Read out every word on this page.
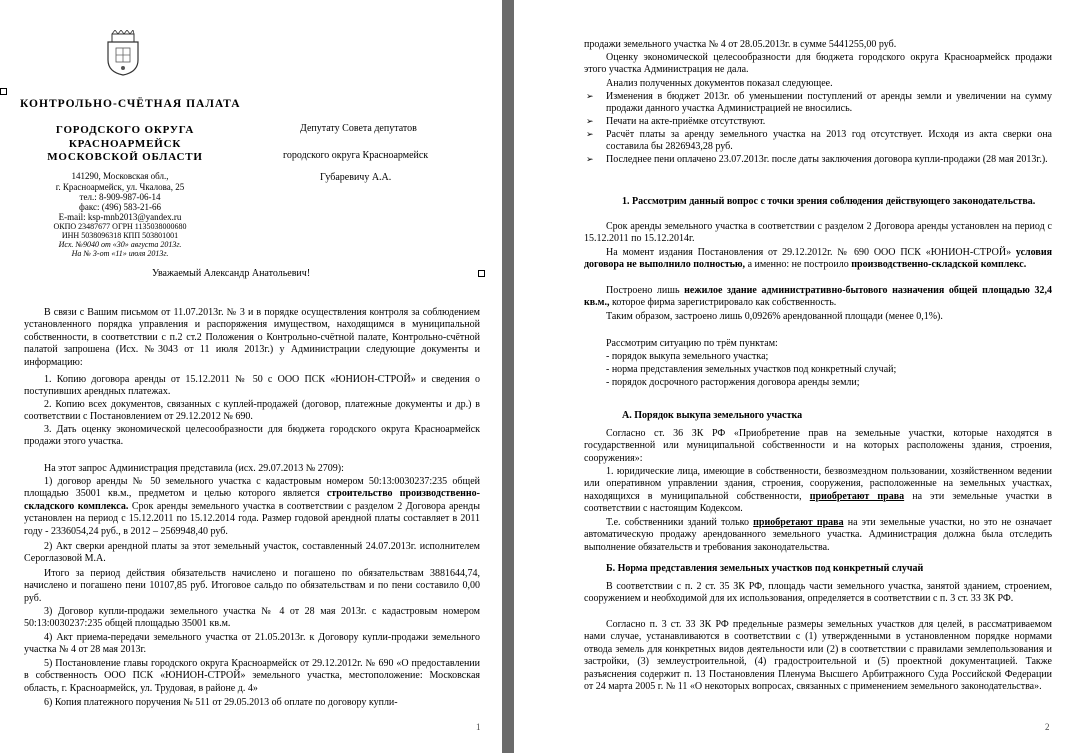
КОНТРОЛЬНО-СЧЁТНАЯ ПАЛАТА
ГОРОДСКОГО ОКРУГА
КРАСНОАРМЕЙСК
МОСКОВСКОЙ ОБЛАСТИ
141290, Московская обл.,
г. Красноармейск, ул. Чкалова, 25
тел.: 8-909-987-06-14
факс: (496) 583-21-66
E-mail: ksp-mnb2013@yandex.ru
ОКПО 23487677 ОГРН 1135038000680
ИНН 5038096318 КПП 503801001
Исх. №9040 от «30» августа 2013г.
На № 3-от «11» июля 2013г.
Депутату Совета депутатов
городского округа Красноармейск
Губаревичу А.А.
Уважаемый Александр Анатольевич!
В связи с Вашим письмом от 11.07.2013г. № 3 и в порядке осуществления контроля за соблюдением установленного порядка управления и распоряжения имуществом, находящимся в муниципальной собственности, в соответствии с п.2 ст.2 Положения о Контрольно-счётной палате, Контрольно-счётной палатой запрошена (Исх. №3043 от 11 июля 2013г.) у Администрации следующие документы и информацию:
1. Копию договора аренды от 15.12.2011 № 50 с ООО ПСК «ЮНИОН-СТРОЙ» и сведения о поступивших арендных платежах.
2. Копию всех документов, связанных с куплей-продажей (договор, платежные документы и др.) в соответствии с Постановлением от 29.12.2012 № 690.
3. Дать оценку экономической целесообразности для бюджета городского округа Красноармейск продажи этого участка.
На этот запрос Администрация представила (исх. 29.07.2013 № 2709):
1) договор аренды № 50 земельного участка с кадастровым номером 50:13:0030237:235 общей площадью 35001 кв.м., предметом и целью которого является строительство производственно-складского комплекса. Срок аренды земельного участка в соответствии с разделом 2 Договора аренды установлен на период с 15.12.2011 по 15.12.2014 года. Размер годовой арендной платы составляет в 2011 году - 2336054,24 руб., в 2012 – 2569948,40 руб.
2) Акт сверки арендной платы за этот земельный участок, составленный 24.07.2013г. исполнителем Сероглазовой М.А.
Итого за период действия обязательств начислено и погашено по обязательствам 3881644,74, начислено и погашено пени 10107,85 руб. Итоговое сальдо по обязательствам и по пени составило 0,00 руб.
3) Договор купли-продажи земельного участка № 4 от 28 мая 2013г. с кадастровым номером 50:13:0030237:235 общей площадью 35001 кв.м.
4) Акт приема-передачи земельного участка от 21.05.2013г. к Договору купли-продажи земельного участка № 4 от 28 мая 2013г.
5) Постановление главы городского округа Красноармейск от 29.12.2012г. № 690 «О предоставлении в собственность ООО ПСК «ЮНИОН-СТРОЙ» земельного участка, местоположение: Московская область, г. Красноармейск, ул. Трудовая, в районе д. 4»
6) Копия платежного поручения № 511 от 29.05.2013 об оплате по договору купли-
1
продажи земельного участка № 4 от 28.05.2013г. в сумме 5441255,00 руб.
Оценку экономической целесообразности для бюджета городского округа Красноармейск продажи этого участка Администрация не дала.
Анализ полученных документов показал следующее.
➢ Изменения в бюджет 2013г. об уменьшении поступлений от аренды земли и увеличении на сумму продажи данного участка Администрацией не вносились.
➢ Печати на акте-приёмке отсутствуют.
➢ Расчёт платы за аренду земельного участка на 2013 год отсутствует. Исходя из акта сверки она составила бы 2826943,28 руб.
➢ Последнее пени оплачено 23.07.2013г. после даты заключения договора купли-продажи (28 мая 2013г.).
1. Рассмотрим данный вопрос с точки зрения соблюдения действующего законодательства.
Срок аренды земельного участка в соответствии с разделом 2 Договора аренды установлен на период с 15.12.2011 по 15.12.2014г.
На момент издания Постановления от 29.12.2012г. № 690 ООО ПСК «ЮНИОН-СТРОЙ» условия договора не выполнило полностью, а именно: не построило производственно-складской комплекс.
Построено лишь нежилое здание административно-бытового назначения общей площадью 32,4 кв.м., которое фирма зарегистрировало как собственность.
Таким образом, застроено лишь 0,0926% арендованной площади (менее 0,1%).
Рассмотрим ситуацию по трём пунктам:
- порядок выкупа земельного участка;
- норма представления земельных участков под конкретный случай;
- порядок досрочного расторжения договора аренды земли;
А. Порядок выкупа земельного участка
Согласно ст. 36 ЗК РФ «Приобретение прав на земельные участки, которые находятся в государственной или муниципальной собственности и на которых расположены здания, строения, сооружения»:
1. юридические лица, имеющие в собственности, безвозмездном пользовании, хозяйственном ведении или оперативном управлении здания, строения, сооружения, расположенные на земельных участках, находящихся в муниципальной собственности, приобретают права на эти земельные участки в соответствии с настоящим Кодексом.
Т.е. собственники зданий только приобретают права на эти земельные участки, но это не означает автоматическую продажу арендованного земельного участка. Администрация должна была отследить выполнение обязательств и требования законодательства.
Б. Норма представления земельных участков под конкретный случай
В соответствии с п. 2 ст. 35 ЗК РФ, площадь части земельного участка, занятой зданием, строением, сооружением и необходимой для их использования, определяется в соответствии с п. 3 ст. 33 ЗК РФ.
Согласно п. 3 ст. 33 ЗК РФ предельные размеры земельных участков для целей, в рассматриваемом нами случае, устанавливаются в соответствии с (1) утвержденными в установленном порядке нормами отвода земель для конкретных видов деятельности или (2) в соответствии с правилами землепользования и застройки, (3) землеустроительной, (4) градостроительной и (5) проектной документацией. Также разъяснения содержит п. 13 Постановления Пленума Высшего Арбитражного Суда Российской Федерации от 24 марта 2005 г. № 11 «О некоторых вопросах, связанных с применением земельного законодательства».
2
